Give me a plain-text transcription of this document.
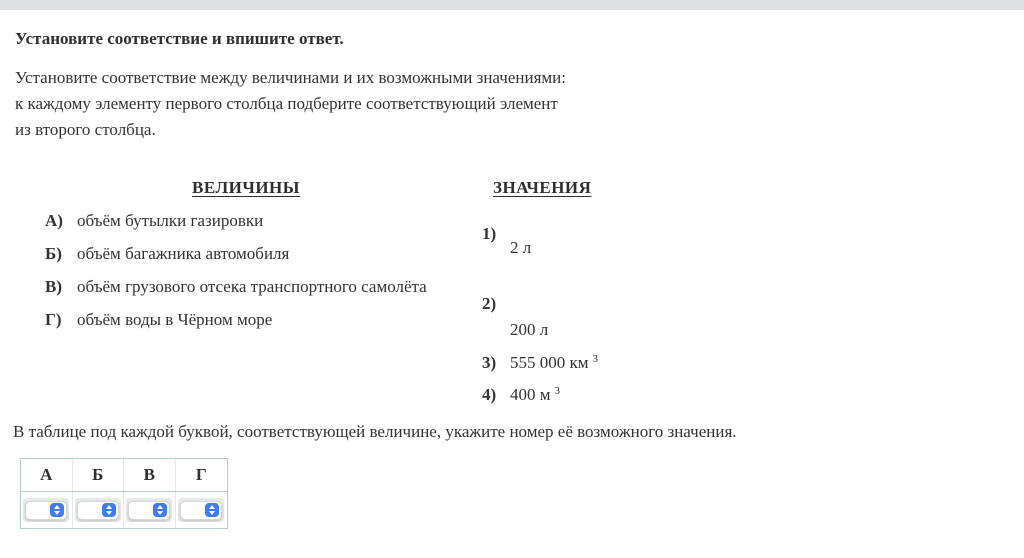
Установите соответствие и впишите ответ.
Установите соответствие между величинами и их возможными значениями:
к каждому элементу первого столбца подберите соответствующий элемент
из второго столбца.
ВЕЛИЧИНЫ	ЗНАЧЕНИЯ
А) объём бутылки газировки
Б) объём багажника автомобиля
В) объём грузового отсека транспортного самолёта
Г) объём воды в Чёрном море
1)
2 л
2)
200 л
3) 555 000 км $^3$
4) 400 м $^3$
В таблице под каждой буквой, соответствующей величине, укажите номер её возможного значения.
А	Б	В	Г
